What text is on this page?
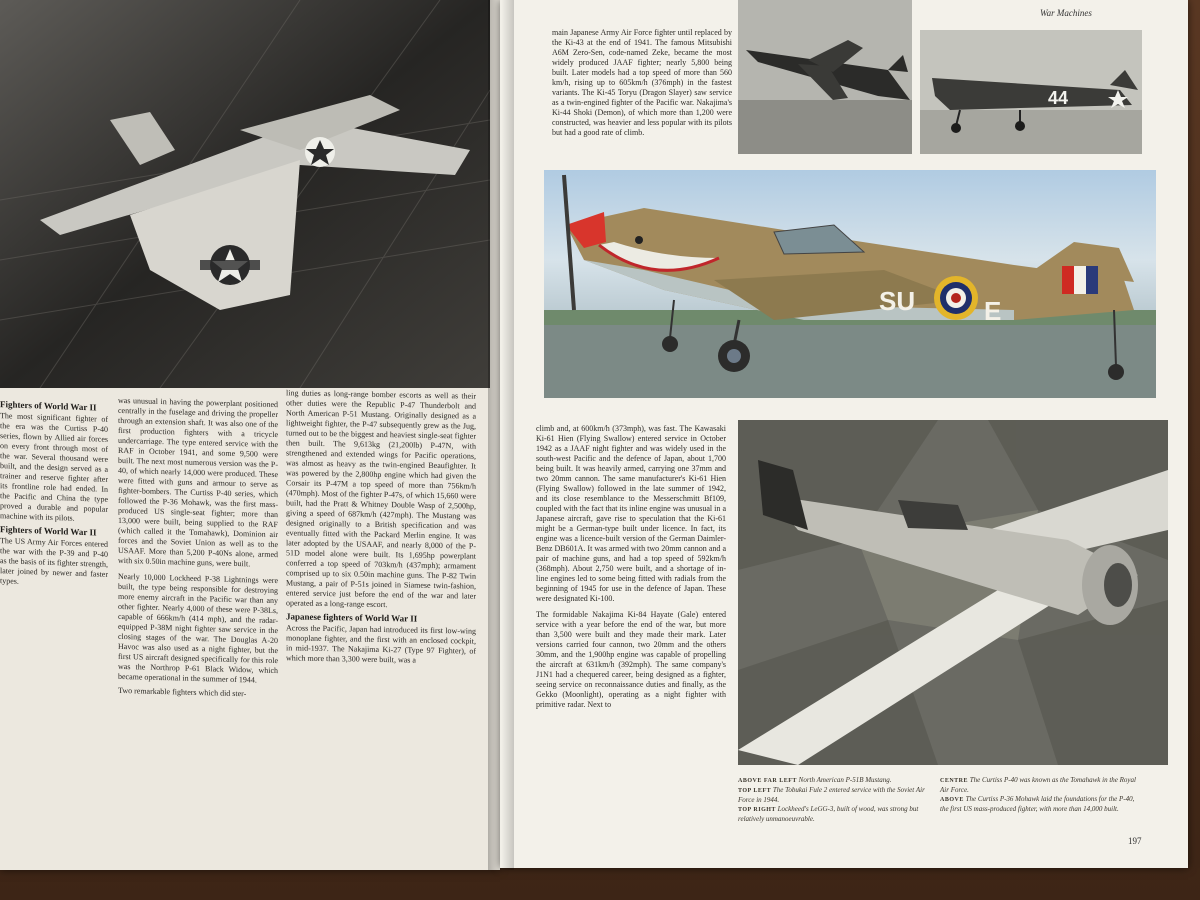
Fighters of World War II
The most significant fighter of the era was the Curtiss P-40 series, flown by Allied air forces on every front through most of the war. Several thousand were built, and the design served as a trainer and reserve fighter after its frontline role had ended. In the Pacific and China the type proved a durable and popular machine with its pilots.
Fighters of World War II
The US Army Air Forces entered the war with the P-39 and P-40 as the basis of its fighter strength, later joined by newer and faster types.
was unusual in having the powerplant positioned centrally in the fuselage and driving the propeller through an extension shaft. It was also one of the first production fighters with a tricycle undercarriage. The type entered service with the RAF in October 1941, and some 9,500 were built. The next most numerous version was the P-40, of which nearly 14,000 were produced. These were fitted with guns and armour to serve as fighter-bombers. The Curtiss P-40 series, which followed the P-36 Mohawk, was the first mass-produced US single-seat fighter; more than 13,000 were built, being supplied to the RAF (which called it the Tomahawk), Dominion air forces and the Soviet Union as well as to the USAAF. More than 5,200 P-40Ns alone, armed with six 0.50in machine guns, were built.
Nearly 10,000 Lockheed P-38 Lightnings were built, the type being responsible for destroying more enemy aircraft in the Pacific war than any other fighter. Nearly 4,000 of these were P-38Ls, capable of 666km/h (414 mph), and the radar-equipped P-38M night fighter saw service in the closing stages of the war. The Douglas A-20 Havoc was also used as a night fighter, but the first US aircraft designed specifically for this role was the Northrop P-61 Black Widow, which became operational in the summer of 1944.
Two remarkable fighters which did ster-
ling duties as long-range bomber escorts as well as their other duties were the Republic P-47 Thunderbolt and North American P-51 Mustang. Originally designed as a lightweight fighter, the P-47 subsequently grew as the Jug, turned out to be the biggest and heaviest single-seat fighter then built. The 9,613kg (21,200lb) P-47N, with strengthened and extended wings for Pacific operations, was almost as heavy as the twin-engined Beaufighter. It was powered by the 2,800hp engine which had given the Corsair its P-47M a top speed of more than 756km/h (470mph). Most of the fighter P-47s, of which 15,660 were built, had the Pratt & Whitney Double Wasp of 2,500hp, giving a speed of 687km/h (427mph). The Mustang was designed originally to a British specification and was eventually fitted with the Packard Merlin engine. It was later adopted by the USAAF, and nearly 8,000 of the P-51D model alone were built. Its 1,695hp powerplant conferred a top speed of 703km/h (437mph); armament comprised up to six 0.50in machine guns. The P-82 Twin Mustang, a pair of P-51s joined in Siamese twin-fashion, entered service just before the end of the war and later operated as a long-range escort.
Japanese fighters of World War II
Across the Pacific, Japan had introduced its first low-wing monoplane fighter, and the first with an enclosed cockpit, in mid-1937. The Nakajima Ki-27 (Type 97 Fighter), of which more than 3,300 were built, was a
War Machines
main Japanese Army Air Force fighter until replaced by the Ki-43 at the end of 1941. The famous Mitsubishi A6M Zero-Sen, code-named Zeke, became the most widely produced JAAF fighter; nearly 5,800 being built. Later models had a top speed of more than 560 km/h, rising up to 605km/h (376mph) in the fastest variants. The Ki-45 Toryu (Dragon Slayer) saw service as a twin-engined fighter of the Pacific war. Nakajima's Ki-44 Shoki (Demon), of which more than 1,200 were constructed, was heavier and less popular with its pilots but had a good rate of climb.
44
SU	E
climb and, at 600km/h (373mph), was fast. The Kawasaki Ki-61 Hien (Flying Swallow) entered service in October 1942 as a JAAF night fighter and was widely used in the south-west Pacific and the defence of Japan, about 1,700 being built. It was heavily armed, carrying one 37mm and two 20mm cannon. The same manufacturer's Ki-61 Hien (Flying Swallow) followed in the late summer of 1942, and its close resemblance to the Messerschmitt Bf109, coupled with the fact that its inline engine was unusual in a Japanese aircraft, gave rise to speculation that the Ki-61 might be a German-type built under licence. In fact, its engine was a licence-built version of the German Daimler-Benz DB601A. It was armed with two 20mm cannon and a pair of machine guns, and had a top speed of 592km/h (368mph). About 2,750 were built, and a shortage of in-line engines led to some being fitted with radials from the beginning of 1945 for use in the defence of Japan. These were designated Ki-100.
The formidable Nakajima Ki-84 Hayate (Gale) entered service with a year before the end of the war, but more than 3,500 were built and they made their mark. Later versions carried four cannon, two 20mm and the others 30mm, and the 1,900hp engine was capable of propelling the aircraft at 631km/h (392mph). The same company's J1N1 had a chequered career, being designed as a fighter, seeing service on reconnaissance duties and finally, as the Gekko (Moonlight), operating as a night fighter with primitive radar. Next to
ABOVE FAR LEFT North American P-51B Mustang.
TOP LEFT The Tobukai Fule 2 entered service with the Soviet Air Force in 1944.
TOP RIGHT Lockheed's LeGG-3, built of wood, was strong but relatively unmanoeuvrable.
CENTRE The Curtiss P-40 was known as the Tomahawk in the Royal Air Force.
ABOVE The Curtiss P-36 Mohawk laid the foundations for the P-40, the first US mass-produced fighter, with more than 14,000 built.
197
